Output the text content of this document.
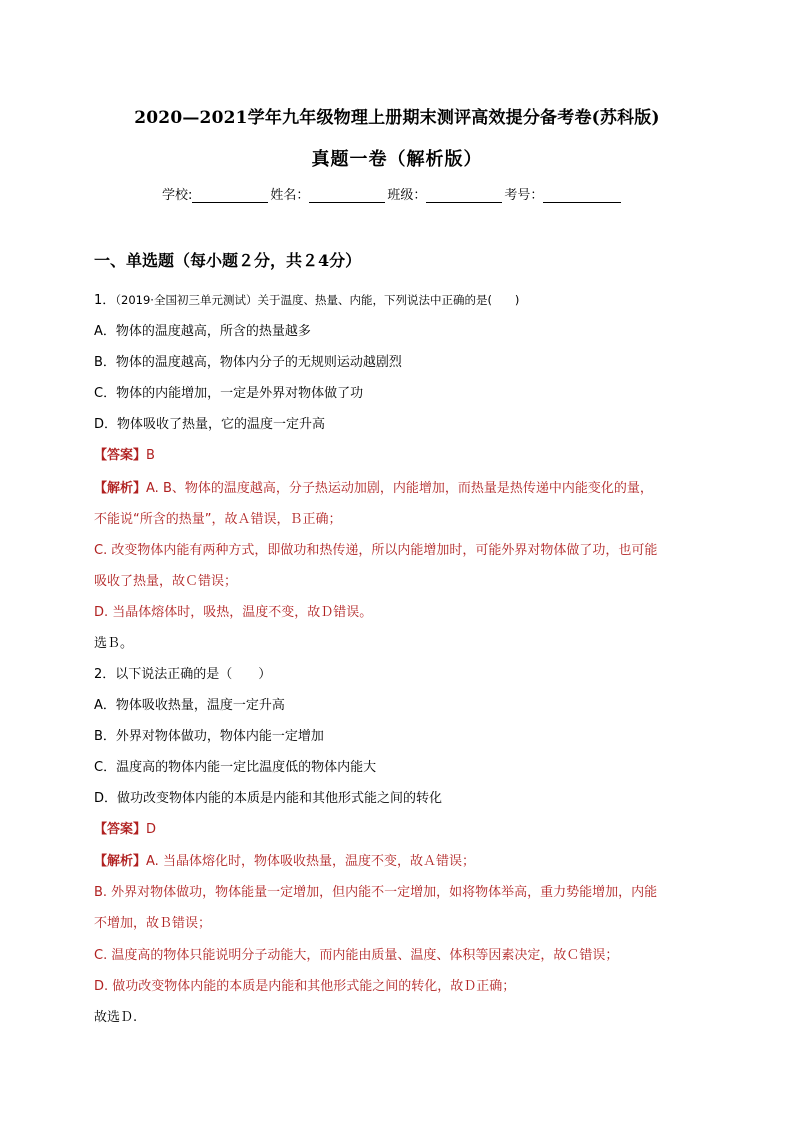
2020—2021学年九年级物理上册期末测评高效提分备考卷(苏科版)
真题一卷（解析版）
学校:	姓名：	班级：	考号：
一、单选题（每小题２分，共２4分）
1．（2019·全国初三单元测试）关于温度、热量、内能，下列说法中正确的是(　　)
A．物体的温度越高，所含的热量越多
B．物体的温度越高，物体内分子的无规则运动越剧烈
C．物体的内能增加，一定是外界对物体做了功
D．物体吸收了热量，它的温度一定升高
【答案】B
【解析】A. B、物体的温度越高，分子热运动加剧，内能增加，而热量是热传递中内能变化的量，
不能说“所含的热量”，故Ａ错误，Ｂ正确；
C. 改变物体内能有两种方式，即做功和热传递，所以内能增加时，可能外界对物体做了功，也可能
吸收了热量，故Ｃ错误；
D. 当晶体熔体时，吸热，温度不变，故Ｄ错误。
选Ｂ。
2．以下说法正确的是（　　）
A．物体吸收热量，温度一定升高
B．外界对物体做功，物体内能一定增加
C．温度高的物体内能一定比温度低的物体内能大
D．做功改变物体内能的本质是内能和其他形式能之间的转化
【答案】D
【解析】A. 当晶体熔化时，物体吸收热量，温度不变，故Ａ错误；
B. 外界对物体做功，物体能量一定增加，但内能不一定增加，如将物体举高，重力势能增加，内能
不增加，故Ｂ错误；
C. 温度高的物体只能说明分子动能大，而内能由质量、温度、体积等因素决定，故Ｃ错误；
D. 做功改变物体内能的本质是内能和其他形式能之间的转化，故Ｄ正确；
故选Ｄ.
